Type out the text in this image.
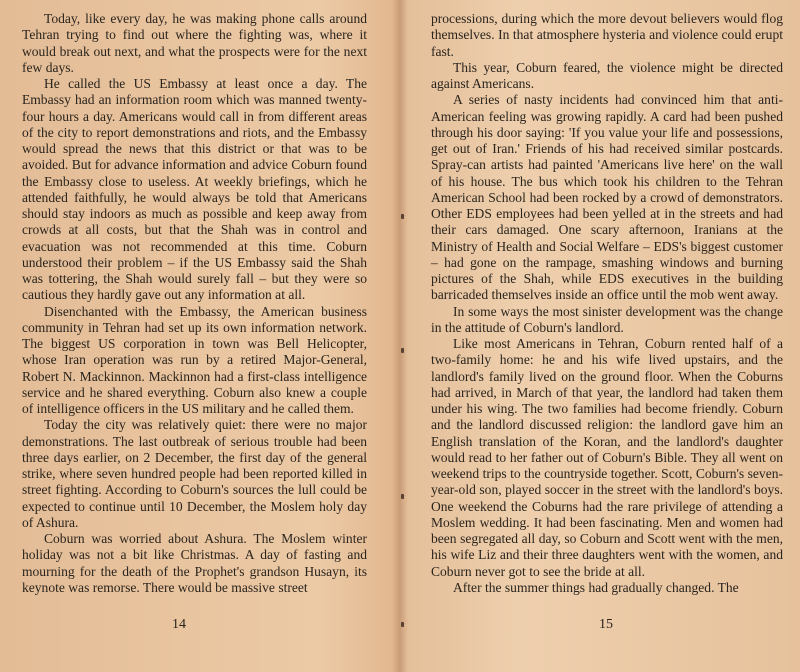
Today, like every day, he was making phone calls around Tehran trying to find out where the fighting was, where it would break out next, and what the prospects were for the next few days.

He called the US Embassy at least once a day. The Embassy had an information room which was manned twenty-four hours a day. Americans would call in from different areas of the city to report demonstrations and riots, and the Embassy would spread the news that this district or that was to be avoided. But for advance information and advice Coburn found the Embassy close to useless. At weekly briefings, which he attended faithfully, he would always be told that Americans should stay indoors as much as possible and keep away from crowds at all costs, but that the Shah was in control and evacuation was not recommended at this time. Coburn understood their problem – if the US Embassy said the Shah was tottering, the Shah would surely fall – but they were so cautious they hardly gave out any information at all.

Disenchanted with the Embassy, the American business community in Tehran had set up its own information network. The biggest US corporation in town was Bell Helicopter, whose Iran operation was run by a retired Major-General, Robert N. Mackinnon. Mackinnon had a first-class intelligence service and he shared everything. Coburn also knew a couple of intelligence officers in the US military and he called them.

Today the city was relatively quiet: there were no major demonstrations. The last outbreak of serious trouble had been three days earlier, on 2 December, the first day of the general strike, where seven hundred people had been reported killed in street fighting. According to Coburn's sources the lull could be expected to continue until 10 December, the Moslem holy day of Ashura.

Coburn was worried about Ashura. The Moslem winter holiday was not a bit like Christmas. A day of fasting and mourning for the death of the Prophet's grandson Husayn, its keynote was remorse. There would be massive street

14

processions, during which the more devout believers would flog themselves. In that atmosphere hysteria and violence could erupt fast.

This year, Coburn feared, the violence might be directed against Americans.

A series of nasty incidents had convinced him that anti-American feeling was growing rapidly. A card had been pushed through his door saying: 'If you value your life and possessions, get out of Iran.' Friends of his had received similar postcards. Spray-can artists had painted 'Americans live here' on the wall of his house. The bus which took his children to the Tehran American School had been rocked by a crowd of demonstrators. Other EDS employees had been yelled at in the streets and had their cars damaged. One scary afternoon, Iranians at the Ministry of Health and Social Welfare – EDS's biggest customer – had gone on the rampage, smashing windows and burning pictures of the Shah, while EDS executives in the building barricaded themselves inside an office until the mob went away.

In some ways the most sinister development was the change in the attitude of Coburn's landlord.

Like most Americans in Tehran, Coburn rented half of a two-family home: he and his wife lived upstairs, and the landlord's family lived on the ground floor. When the Coburns had arrived, in March of that year, the landlord had taken them under his wing. The two families had become friendly. Coburn and the landlord discussed religion: the landlord gave him an English translation of the Koran, and the landlord's daughter would read to her father out of Coburn's Bible. They all went on weekend trips to the countryside together. Scott, Coburn's seven-year-old son, played soccer in the street with the landlord's boys. One weekend the Coburns had the rare privilege of attending a Moslem wedding. It had been fascinating. Men and women had been segregated all day, so Coburn and Scott went with the men, his wife Liz and their three daughters went with the women, and Coburn never got to see the bride at all.

After the summer things had gradually changed. The

15
